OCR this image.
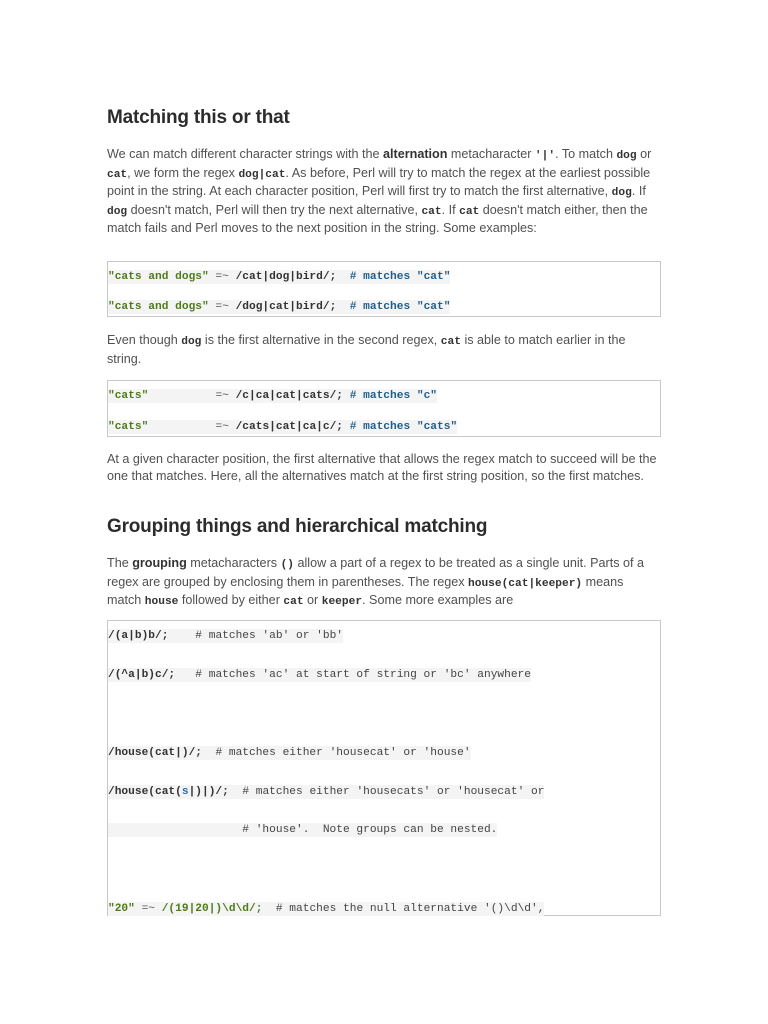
Matching this or that

We can match different character strings with the alternation metacharacter '|'. To match dog or cat, we form the regex dog|cat. As before, Perl will try to match the regex at the earliest possible point in the string. At each character position, Perl will first try to match the first alternative, dog. If dog doesn't match, Perl will then try the next alternative, cat. If cat doesn't match either, then the match fails and Perl moves to the next position in the string. Some examples:

"cats and dogs" =~ /cat|dog|bird/; # matches "cat"
"cats and dogs" =~ /dog|cat|bird/; # matches "cat"

Even though dog is the first alternative in the second regex, cat is able to match earlier in the string.

"cats"	=~ /c|ca|cat|cats/; # matches "c"
"cats"	=~ /cats|cat|ca|c/; # matches "cats"

At a given character position, the first alternative that allows the regex match to succeed will be the one that matches. Here, all the alternatives match at the first string position, so the first matches.

Grouping things and hierarchical matching

The grouping metacharacters () allow a part of a regex to be treated as a single unit. Parts of a regex are grouped by enclosing them in parentheses. The regex house(cat|keeper) means match house followed by either cat or keeper. Some more examples are

/(a|b)b/; # matches 'ab' or 'bb'
/(^a|b)c/; # matches 'ac' at start of string or 'bc' anywhere
/house(cat|)/; # matches either 'housecat' or 'house'
/house(cat(s|)|)/; # matches either 'housecats' or 'housecat' or
# 'house'.  Note groups can be nested.
"20" =~ /(19|20|)\d\d/; # matches the null alternative '()\d\d',
